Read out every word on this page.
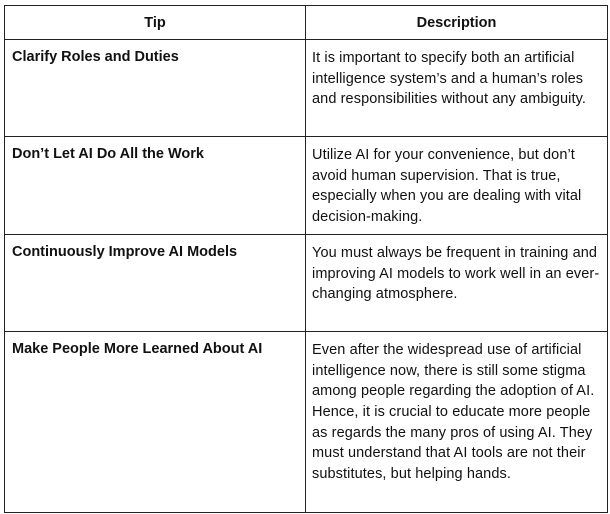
Tip	Description
Clarify Roles and Duties	It is important to specify both an artificial intelligence system’s and a human’s roles and responsibilities without any ambiguity.
Don’t Let AI Do All the Work	Utilize AI for your convenience, but don’t avoid human supervision. That is true, especially when you are dealing with vital decision-making.
Continuously Improve AI Models	You must always be frequent in training and improving AI models to work well in an ever-changing atmosphere.
Make People More Learned About AI	Even after the widespread use of artificial intelligence now, there is still some stigma among people regarding the adoption of AI. Hence, it is crucial to educate more people as regards the many pros of using AI. They must understand that AI tools are not their substitutes, but helping hands.
